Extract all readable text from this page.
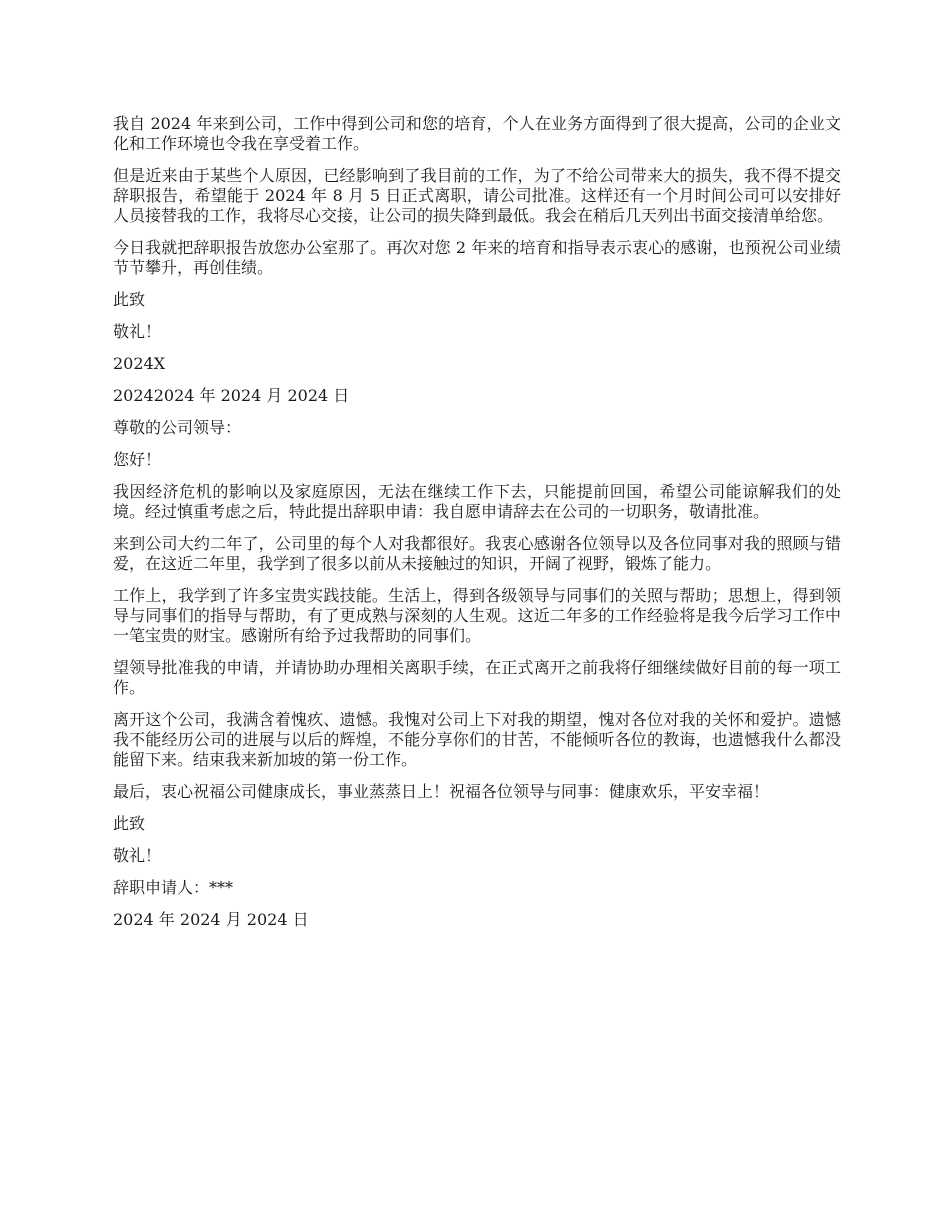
我自 2024 年来到公司，工作中得到公司和您的培育，个人在业务方面得到了很大提高，公司的企业文化和工作环境也令我在享受着工作。

但是近来由于某些个人原因，已经影响到了我目前的工作，为了不给公司带来大的损失，我不得不提交辞职报告，希望能于 2024 年 8 月 5 日正式离职，请公司批准。这样还有一个月时间公司可以安排好人员接替我的工作，我将尽心交接，让公司的损失降到最低。我会在稍后几天列出书面交接清单给您。

今日我就把辞职报告放您办公室那了。再次对您 2 年来的培育和指导表示衷心的感谢，也预祝公司业绩节节攀升，再创佳绩。

此致

敬礼！

2024X

20242024 年 2024 月 2024 日

尊敬的公司领导：

您好！

我因经济危机的影响以及家庭原因，无法在继续工作下去，只能提前回国，希望公司能谅解我们的处境。经过慎重考虑之后，特此提出辞职申请：我自愿申请辞去在公司的一切职务，敬请批准。

来到公司大约二年了，公司里的每个人对我都很好。我衷心感谢各位领导以及各位同事对我的照顾与错爱，在这近二年里，我学到了很多以前从未接触过的知识，开阔了视野，锻炼了能力。

工作上，我学到了许多宝贵实践技能。生活上，得到各级领导与同事们的关照与帮助；思想上，得到领导与同事们的指导与帮助，有了更成熟与深刻的人生观。这近二年多的工作经验将是我今后学习工作中一笔宝贵的财宝。感谢所有给予过我帮助的同事们。

望领导批准我的申请，并请协助办理相关离职手续，在正式离开之前我将仔细继续做好目前的每一项工作。

离开这个公司，我满含着愧疚、遗憾。我愧对公司上下对我的期望，愧对各位对我的关怀和爱护。遗憾我不能经历公司的进展与以后的辉煌，不能分享你们的甘苦，不能倾听各位的教诲，也遗憾我什么都没能留下来。结束我来新加坡的第一份工作。

最后，衷心祝福公司健康成长，事业蒸蒸日上！祝福各位领导与同事：健康欢乐，平安幸福！

此致

敬礼！

辞职申请人：***

2024 年 2024 月 2024 日
